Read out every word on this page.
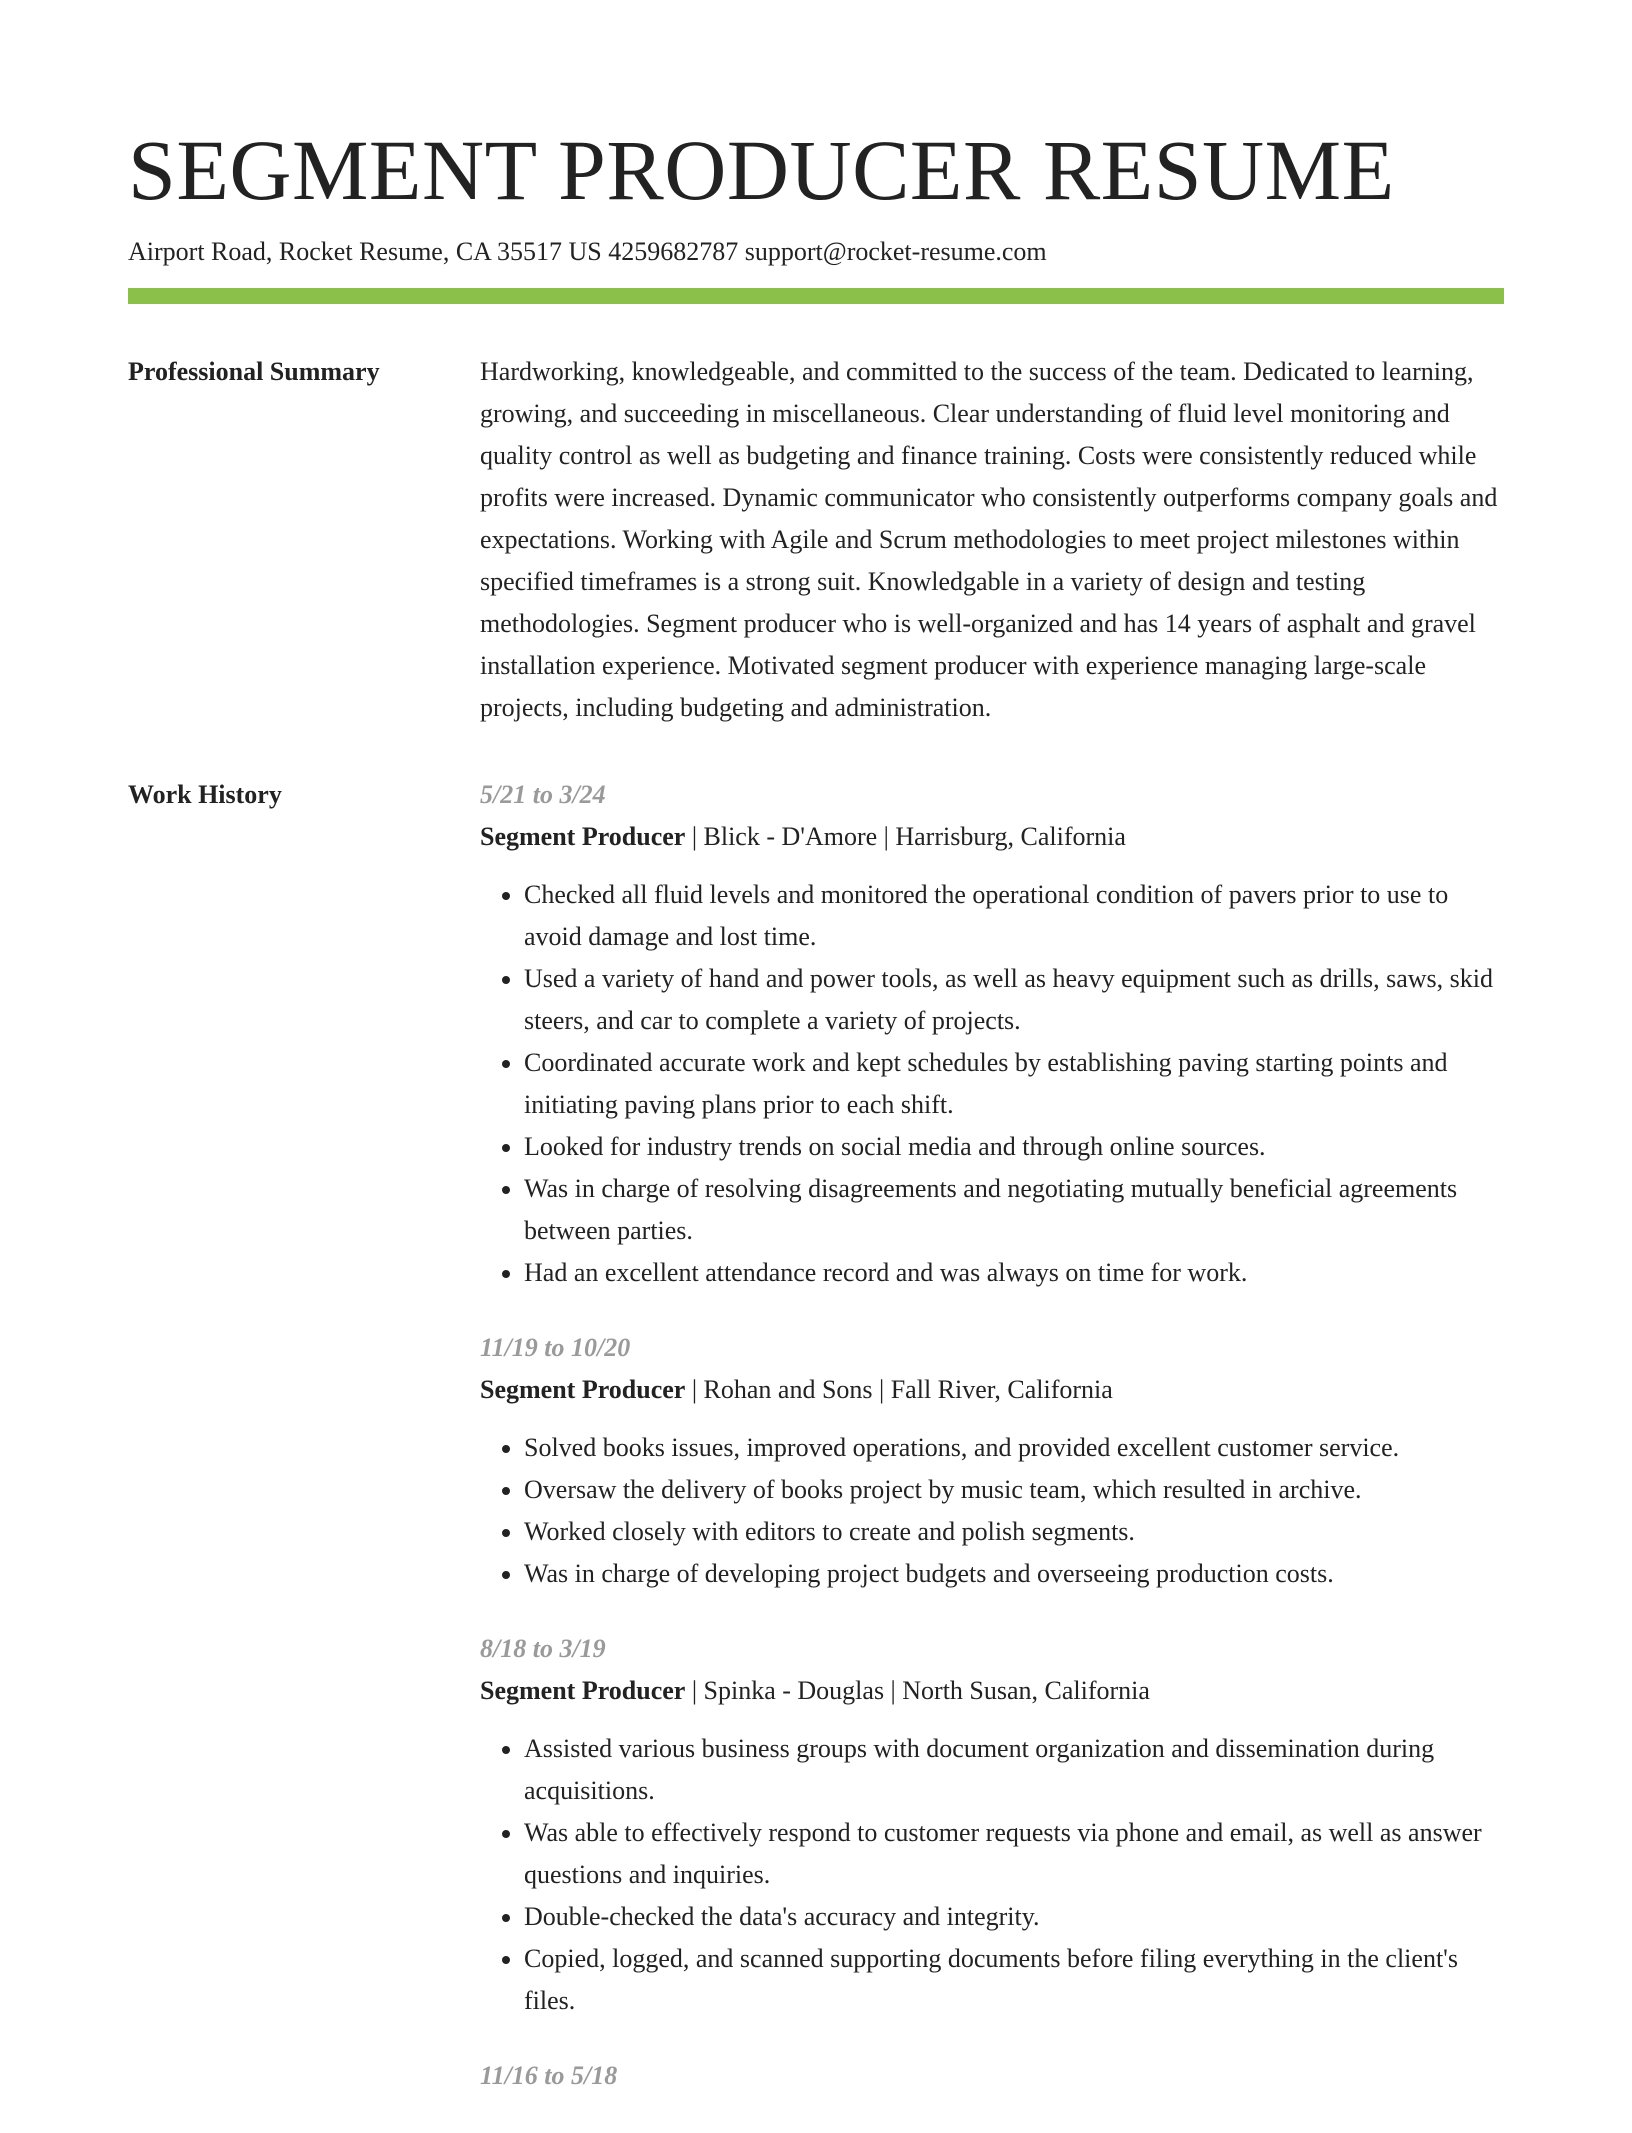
SEGMENT PRODUCER RESUME
Airport Road, Rocket Resume, CA 35517 US 4259682787 support@rocket-resume.com
Professional Summary	Hardworking, knowledgeable, and committed to the success of the team. Dedicated to learning, growing, and succeeding in miscellaneous. Clear understanding of fluid level monitoring and quality control as well as budgeting and finance training. Costs were consistently reduced while profits were increased. Dynamic communicator who consistently outperforms company goals and expectations. Working with Agile and Scrum methodologies to meet project milestones within specified timeframes is a strong suit. Knowledgable in a variety of design and testing methodologies. Segment producer who is well-organized and has 14 years of asphalt and gravel installation experience. Motivated segment producer with experience managing large-scale projects, including budgeting and administration.

Work History	5/21 to 3/24
Segment Producer | Blick - D'Amore | Harrisburg, California
• Checked all fluid levels and monitored the operational condition of pavers prior to use to avoid damage and lost time.
• Used a variety of hand and power tools, as well as heavy equipment such as drills, saws, skid steers, and car to complete a variety of projects.
• Coordinated accurate work and kept schedules by establishing paving starting points and initiating paving plans prior to each shift.
• Looked for industry trends on social media and through online sources.
• Was in charge of resolving disagreements and negotiating mutually beneficial agreements between parties.
• Had an excellent attendance record and was always on time for work.
11/19 to 10/20
Segment Producer | Rohan and Sons | Fall River, California
• Solved books issues, improved operations, and provided excellent customer service.
• Oversaw the delivery of books project by music team, which resulted in archive.
• Worked closely with editors to create and polish segments.
• Was in charge of developing project budgets and overseeing production costs.
8/18 to 3/19
Segment Producer | Spinka - Douglas | North Susan, California
• Assisted various business groups with document organization and dissemination during acquisitions.
• Was able to effectively respond to customer requests via phone and email, as well as answer questions and inquiries.
• Double-checked the data's accuracy and integrity.
• Copied, logged, and scanned supporting documents before filing everything in the client's files.
11/16 to 5/18
